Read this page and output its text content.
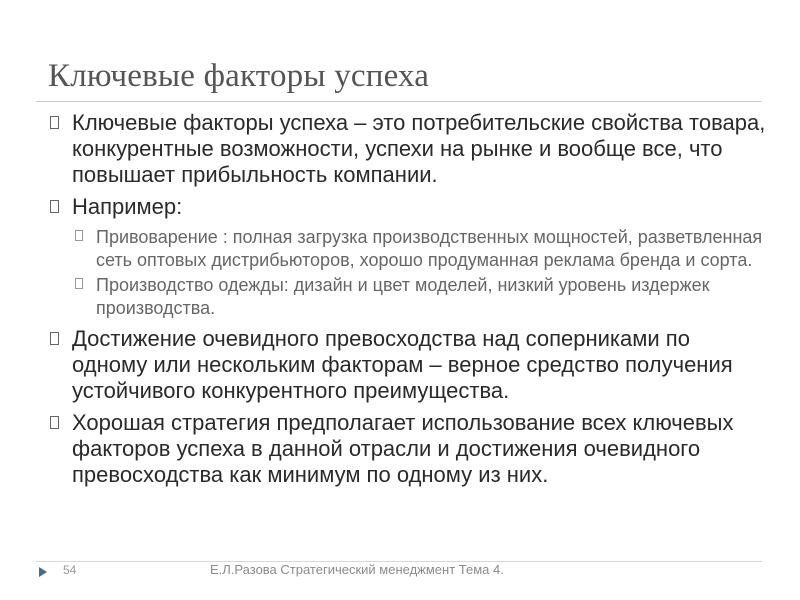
Ключевые факторы успеха
Ключевые факторы успеха – это потребительские свойства товара, конкурентные возможности, успехи на рынке и вообще все, что повышает прибыльность компании.
Например:
Привоварение : полная загрузка производственных мощностей, разветвленная сеть оптовых дистрибьюторов, хорошо продуманная реклама бренда и сорта.
Производство одежды: дизайн и цвет моделей, низкий уровень издержек производства.
Достижение очевидного превосходства над соперниками по одному или нескольким факторам – верное средство получения устойчивого конкурентного преимущества.
Хорошая стратегия предполагает использование всех ключевых факторов успеха в данной отрасли и достижения очевидного превосходства как минимум по одному из них.
54	Е.Л.Разова Стратегический менеджмент Тема 4.
